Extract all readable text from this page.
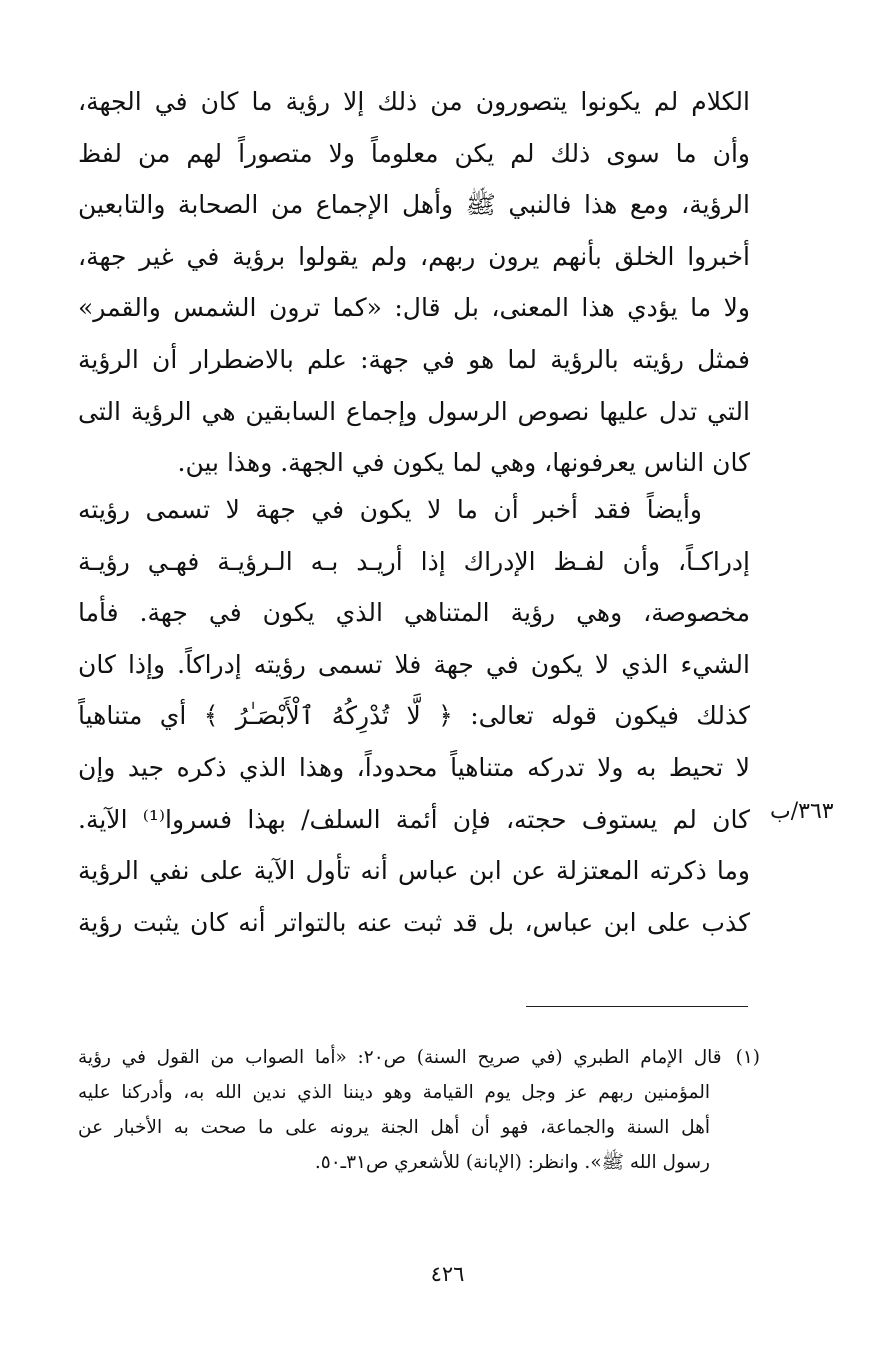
الكلام لم يكونوا يتصورون من ذلك إلا رؤية ما كان في الجهة،
وأن ما سوى ذلك لم يكن معلوماً ولا متصوراً لهم من لفظ
الرؤية، ومع هذا فالنبي ﷺ وأهل الإجماع من الصحابة والتابعين
أخبروا الخلق بأنهم يرون ربهم، ولم يقولوا برؤية في غير جهة،
ولا ما يؤدي هذا المعنى، بل قال: «كما ترون الشمس والقمر»
فمثل رؤيته بالرؤية لما هو في جهة: علم بالاضطرار أن الرؤية
التي تدل عليها نصوص الرسول وإجماع السابقين هي الرؤية التى
كان الناس يعرفونها، وهي لما يكون في الجهة. وهذا بين.
وأيضاً فقد أخبر أن ما لا يكون في جهة لا تسمى رؤيته
إدراكـاً، وأن لفـظ الإدراك إذا أريـد بـه الـرؤيـة فهـي رؤيـة
مخصوصة، وهي رؤية المتناهي الذي يكون في جهة. فأما
الشيء الذي لا يكون في جهة فلا تسمى رؤيته إدراكاً. وإذا كان
كذلك فيكون قوله تعالى: ﴿ لَّا تُدْرِكُهُ ٱلْأَبْصَـٰرُ ﴾ أي متناهياً
لا تحيط به ولا تدركه متناهياً محدوداً، وهذا الذي ذكره جيد وإن
كان لم يستوف حجته، فإن أئمة السلف/ بهذا فسروا⁽¹⁾ الآية.
وما ذكرته المعتزلة عن ابن عباس أنه تأول الآية على نفي الرؤية
كذب على ابن عباس، بل قد ثبت عنه بالتواتر أنه كان يثبت رؤية
٣٦٣/ب
(١)قال الإمام الطبري (في صريح السنة) ص٢٠: «أما الصواب من القول في رؤية
المؤمنين ربهم عز وجل يوم القيامة وهو ديننا الذي ندين الله به، وأدركنا عليه
أهل السنة والجماعة، فهو أن أهل الجنة يرونه على ما صحت به الأخبار عن
رسول الله ﷺ». وانظر: (الإبانة) للأشعري ص٣١ـ٥٠.
٤٢٦
